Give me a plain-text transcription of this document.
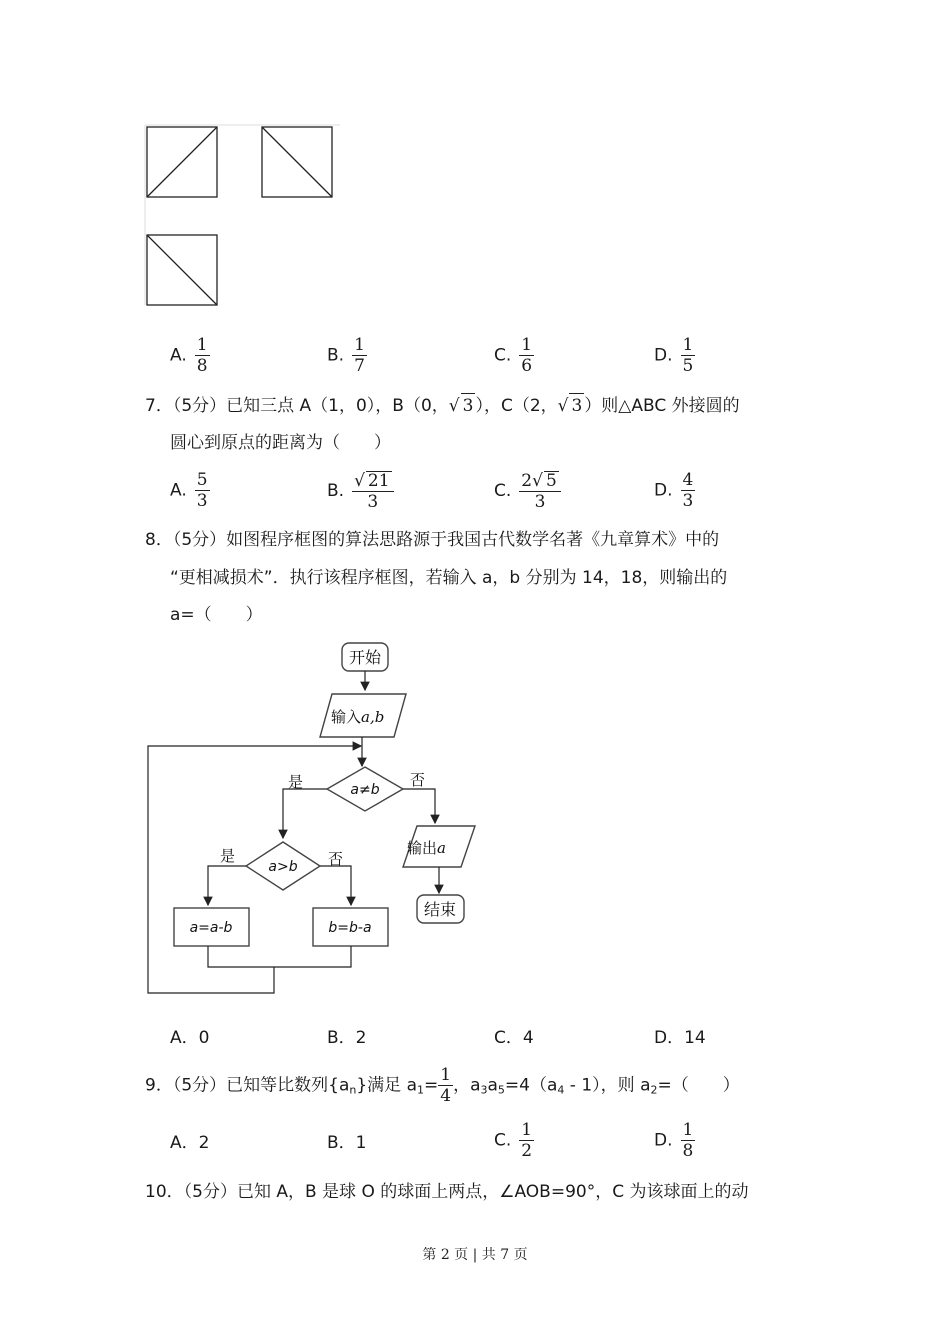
A. $\frac{1}{8}$	B. $\frac{1}{7}$	C. $\frac{1}{6}$	D. $\frac{1}{5}$
7．（5分）已知三点 A（1，0），B（0，√ 3 ），C（2，√ 3 ）则△ABC 外接圆的
圆心到原点的距离为（　　）
A. $\frac{5}{3}$	B. $\frac{√ 21}{3}$	C. $\frac{2√ 5}{3}$	D. $\frac{4}{3}$
8．（5分）如图程序框图的算法思路源于我国古代数学名著《九章算术》中的
“更相减损术”．执行该程序框图，若输入 a，b 分别为 14，18，则输出的
a=（　　）
开始
输入a,b
a≠b
是	否
输出a
结束
a>b
是	否
a=a-b	b=b-a
A．0	B．2	C．4	D．14
9．（5分）已知等比数列$\{a_n\}$满足 $a_1= \frac{1}{4}$ ，$a_3a_5=4(a_4 - 1)$，则 $a_2=$（　　）
A．2	B．1	C. $\frac{1}{2}$	D. $\frac{1}{8}$
10．（5分）已知 A，B 是球 O 的球面上两点，∠AOB=90°，C 为该球面上的动
第 2 页 | 共 7 页
